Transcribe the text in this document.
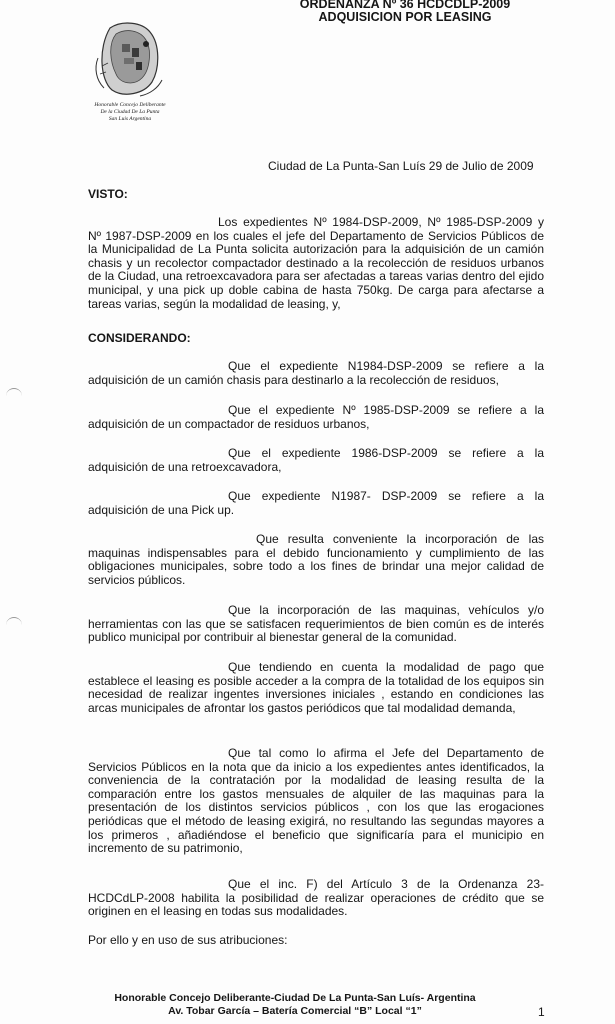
ORDENANZA Nº 36 HCDCDLP-2009
ADQUISICION POR LEASING
Honorable Concejo Deliberante
De la Ciudad De La Punta
San Luis Argentina
Ciudad de La Punta-San Luís 29 de Julio de 2009
VISTO:
Los expedientes Nº 1984-DSP-2009, Nº 1985-DSP-2009 y Nº 1987-DSP-2009 en los cuales el jefe del Departamento de Servicios Públicos de la Municipalidad de La Punta solicita autorización para la adquisición de un camión chasis y un recolector compactador destinado a la recolección de residuos urbanos de la Ciudad, una retroexcavadora para ser afectadas a tareas varias dentro del ejido municipal, y una pick up doble cabina de hasta 750kg. De carga para afectarse a tareas varias, según la modalidad de leasing, y,
CONSIDERANDO:
Que el expediente N1984-DSP-2009 se refiere a la adquisición de un camión chasis para destinarlo a la recolección de residuos,
Que el expediente Nº 1985-DSP-2009 se refiere a la adquisición de un compactador de residuos urbanos,
Que el expediente 1986-DSP-2009 se refiere a la adquisición de una retroexcavadora,
Que expediente N1987- DSP-2009 se refiere a la adquisición de una Pick up.
Que resulta conveniente la incorporación de las maquinas indispensables para el debido funcionamiento y cumplimiento de las obligaciones municipales, sobre todo a los fines de brindar una mejor calidad de servicios públicos.
Que la incorporación de las maquinas, vehículos y/o herramientas con las que se satisfacen requerimientos de bien común es de interés publico municipal por contribuir al bienestar general de la comunidad.
Que tendiendo en cuenta la modalidad de pago que establece el leasing es posible acceder a la compra de la totalidad de los equipos sin necesidad de realizar ingentes inversiones iniciales , estando en condiciones las arcas municipales de afrontar los gastos periódicos que tal modalidad demanda,
Que tal como lo afirma el Jefe del Departamento de Servicios Públicos en la nota que da inicio a los expedientes antes identificados, la conveniencia de la contratación por la modalidad de leasing resulta de la comparación entre los gastos mensuales de alquiler de las maquinas para la presentación de los distintos servicios públicos , con los que las erogaciones periódicas que el método de leasing exigirá, no resultando las segundas mayores a los primeros , añadiéndose el beneficio que significaría para el municipio en incremento de su patrimonio,
Que el inc. F) del Artículo 3 de la Ordenanza 23-HCDCdLP-2008 habilita la posibilidad de realizar operaciones de crédito que se originen en el leasing en todas sus modalidades.
Por ello y en uso de sus atribuciones:
Honorable Concejo Deliberante-Ciudad De La Punta-San Luís- Argentina
Av. Tobar García – Batería Comercial “B” Local “1”	1
